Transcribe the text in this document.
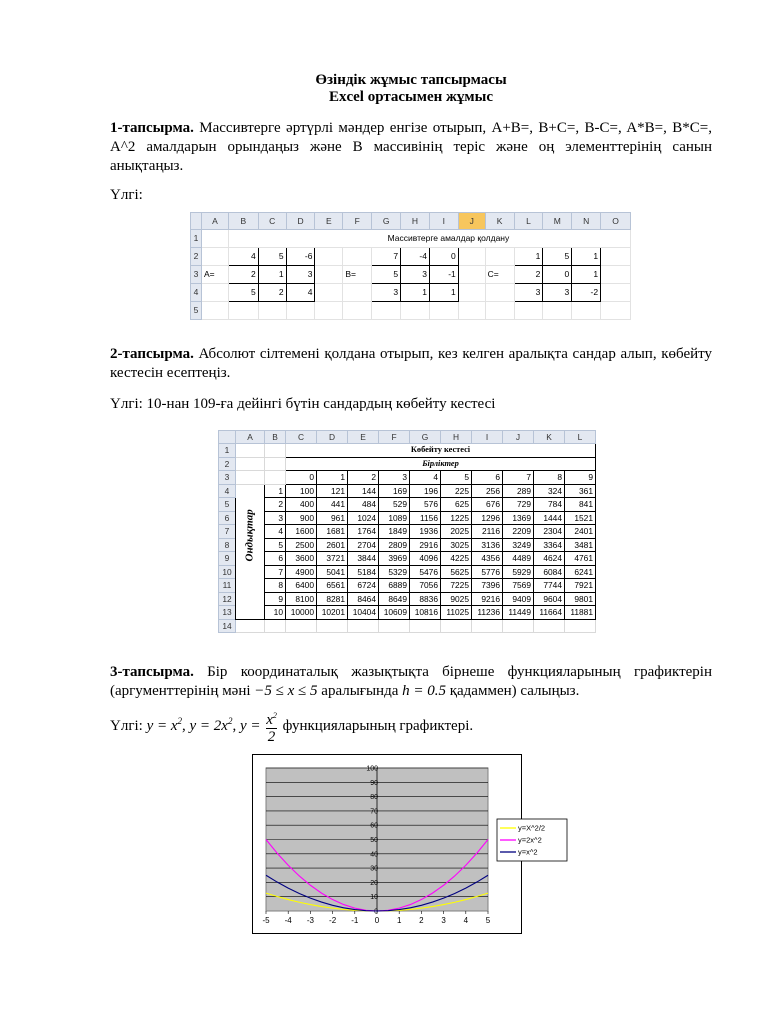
Өзіндік жұмыс тапсырмасы
Excel ортасымен жұмыс
1-тапсырма. Массивтерге әртүрлі мәндер енгізе отырып, A+B=, B+C=, B-C=, A*B=, B*C=, A^2 амалдарын орындаңыз және В массивінің теріс және оң элементтерінің санын анықтаңыз.
Үлгі:
	A	B	C	D	E	F	G	H	I	J	K	L	M	N	O
1		Массивтерге амалдар қолдану													
2		4	5	-6			7	-4	0			1	5	1	
3	A=	2	1	3		B=	5	3	-1		C=	2	0	1	
4		5	2	4			3	1	1			3	3	-2	
5															
2-тапсырма. Абсолют сілтемені қолдана отырып, кез келген аралықта сандар алып, көбейту кестесін есептеңіз.
Үлгі: 10-нан 109-ға дейінгі бүтін сандардың көбейту кестесі
	A	B	C	D	E	F	G	H	I	J	K	L
1			Көбейту кестесі									
2			Бірліктер									
3			0	1	2	3	4	5	6	7	8	9
4	Ондықтар	1	100	121	144	169	196	225	256	289	324	361
5		2	400	441	484	529	576	625	676	729	784	841
6		3	900	961	1024	1089	1156	1225	1296	1369	1444	1521
7		4	1600	1681	1764	1849	1936	2025	2116	2209	2304	2401
8		5	2500	2601	2704	2809	2916	3025	3136	3249	3364	3481
9		6	3600	3721	3844	3969	4096	4225	4356	4489	4624	4761
10		7	4900	5041	5184	5329	5476	5625	5776	5929	6084	6241
11		8	6400	6561	6724	6889	7056	7225	7396	7569	7744	7921
12		9	8100	8281	8464	8649	8836	9025	9216	9409	9604	9801
13		10	10000	10201	10404	10609	10816	11025	11236	11449	11664	11881
14												
3-тапсырма. Бір координаталық жазықтықта бірнеше функцияларының графиктерін (аргументтерінің мәні −5 ≤ x ≤ 5 аралығында h = 0.5 қадаммен) салыңыз.
Үлгі: $y = x^2$, $y = 2x^2$, $y = \frac{x^2}{2}$ функцияларының графиктері.
0
10
20
30
40
50
60
70
80
90
100
-5 -4 -3 -2 -1 0 1 2 3 4 5
y=X^2/2
y=2x^2
y=x^2
